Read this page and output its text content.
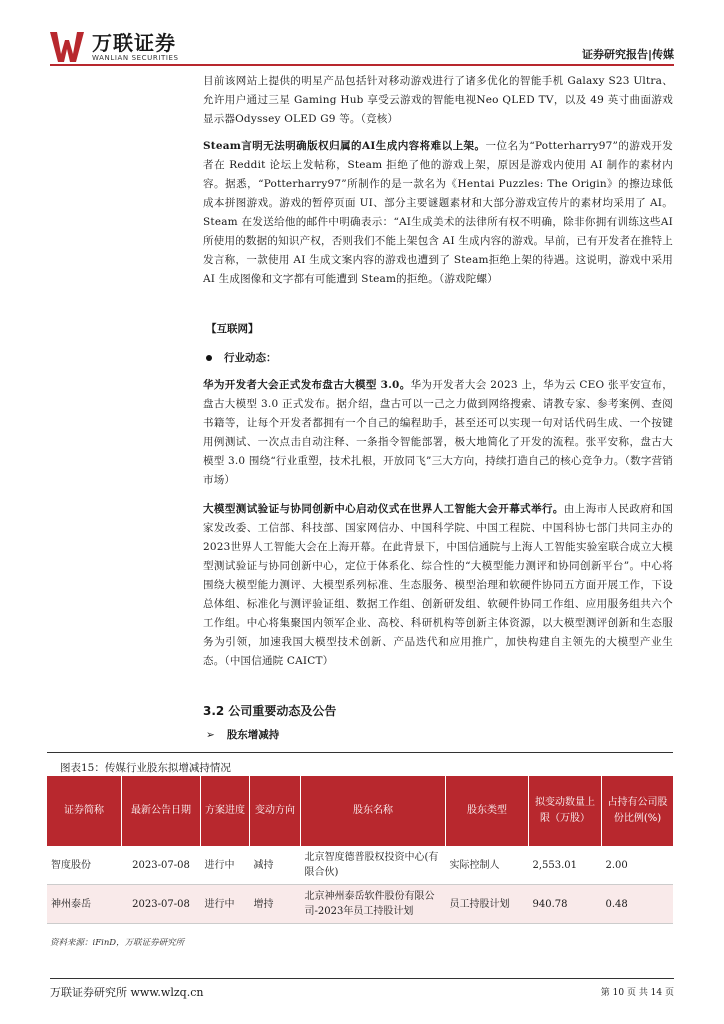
万联证券
WANLIAN SECURITIES	证券研究报告|传媒
目前该网站上提供的明星产品包括针对移动游戏进行了诸多优化的智能手机 Galaxy S23 Ultra、允许用户通过三星 Gaming Hub 享受云游戏的智能电视Neo QLED TV，以及 49 英寸曲面游戏显示器Odyssey OLED G9 等。（竞核）
Steam言明无法明确版权归属的AI生成内容将难以上架。一位名为“Potterharry97”的游戏开发者在 Reddit 论坛上发帖称，Steam 拒绝了他的游戏上架，原因是游戏内使用 AI 制作的素材内容。据悉，“Potterharry97”所制作的是一款名为《Hentai Puzzles: The Origin》的擦边球低成本拼图游戏。游戏的暂停页面 UI、部分主要谜题素材和大部分游戏宣传片的素材均采用了 AI。Steam 在发送给他的邮件中明确表示：“AI生成美术的法律所有权不明确，除非你拥有训练这些AI所使用的数据的知识产权，否则我们不能上架包含 AI 生成内容的游戏。早前，已有开发者在推特上发言称，一款使用 AI 生成文案内容的游戏也遭到了 Steam拒绝上架的待遇。这说明，游戏中采用 AI 生成图像和文字都有可能遭到 Steam的拒绝。（游戏陀螺）
【互联网】
行业动态：
华为开发者大会正式发布盘古大模型 3.0。华为开发者大会 2023 上，华为云 CEO 张平安宣布，盘古大模型 3.0 正式发布。据介绍，盘古可以一己之力做到网络搜索、请教专家、参考案例、查阅书籍等，让每个开发者都拥有一个自己的编程助手，甚至还可以实现一句对话代码生成、一个按键用例测试、一次点击自动注释、一条指令智能部署，极大地简化了开发的流程。张平安称，盘古大模型 3.0 围绕“行业重塑，技术扎根，开放同飞”三大方向，持续打造自己的核心竞争力。（数字营销市场）
大模型测试验证与协同创新中心启动仪式在世界人工智能大会开幕式举行。由上海市人民政府和国家发改委、工信部、科技部、国家网信办、中国科学院、中国工程院、中国科协七部门共同主办的2023世界人工智能大会在上海开幕。在此背景下，中国信通院与上海人工智能实验室联合成立大模型测试验证与协同创新中心，定位于体系化、综合性的“大模型能力测评和协同创新平台”。中心将围绕大模型能力测评、大模型系列标准、生态服务、模型治理和软硬件协同五方面开展工作，下设总体组、标准化与测评验证组、数据工作组、创新研发组、软硬件协同工作组、应用服务组共六个工作组。中心将集聚国内领军企业、高校、科研机构等创新主体资源，以大模型测评创新和生态服务为引领，加速我国大模型技术创新、产品迭代和应用推广，加快构建自主领先的大模型产业生态。（中国信通院 CAICT）
3.2 公司重要动态及公告
➢ 股东增减持
图表15：传媒行业股东拟增减持情况
证券简称	最新公告日期	方案进度	变动方向	股东名称	股东类型	拟变动数量上限（万股）	占持有公司股份比例(%)
智度股份	2023-07-08	进行中	减持	北京智度德普股权投资中心(有限合伙)	实际控制人	2,553.01	2.00
神州泰岳	2023-07-08	进行中	增持	北京神州泰岳软件股份有限公司-2023年员工持股计划	员工持股计划	940.78	0.48
资料来源：iFinD，万联证券研究所
万联证券研究所 www.wlzq.cn	第 10 页 共 14 页
